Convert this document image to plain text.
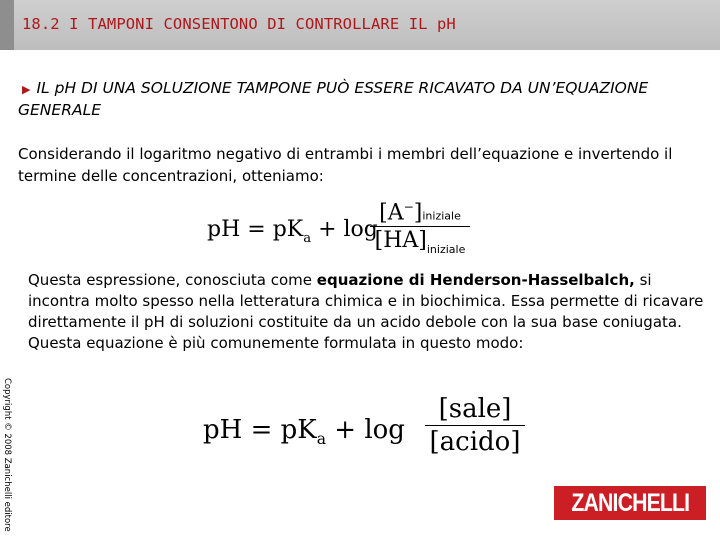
18.2 I TAMPONI CONSENTONO DI CONTROLLARE IL pH
▶ IL pH DI UNA SOLUZIONE TAMPONE PUÒ ESSERE RICAVATO DA UN’EQUAZIONE GENERALE
Considerando il logaritmo negativo di entrambi i membri dell’equazione e invertendo il termine delle concentrazioni, otteniamo:
pH = $pK_a + \log$
[A−]iniziale
$[HA]_{iniziale}$
Questa espressione, conosciuta come equazione di Henderson-Hasselbalch, si incontra molto spesso nella letteratura chimica e in biochimica. Essa permette di ricavare direttamente il pH di soluzioni costituite da un acido debole con la sua base coniugata. Questa equazione è più comunemente formulata in questo modo:
pH = $pK_a + \log$
[sale]
[acido]
Copyright © 2008 Zanichelli editore	ZANICHELLI
